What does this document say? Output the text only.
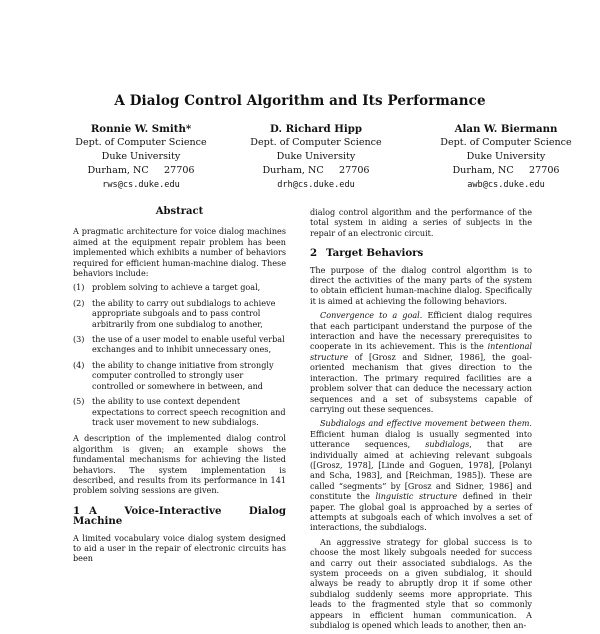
A Dialog Control Algorithm and Its Performance
Ronnie W. Smith*
Dept. of Computer Science
Duke University
Durham, NC     27706
rws@cs.duke.edu
D. Richard Hipp
Dept. of Computer Science
Duke University
Durham, NC     27706
drh@cs.duke.edu
Alan W. Biermann
Dept. of Computer Science
Duke University
Durham, NC     27706
awb@cs.duke.edu
Abstract

A pragmatic architecture for voice dialog machines aimed at the equipment repair problem has been implemented which exhibits a number of behaviors required for efficient human-machine dialog. These behaviors include:

(1) problem solving to achieve a target goal,
(2) the ability to carry out subdialogs to achieve appropriate subgoals and to pass control arbitrarily from one subdialog to another,
(3) the use of a user model to enable useful verbal exchanges and to inhibit unnecessary ones,
(4) the ability to change initiative from strongly computer controlled to strongly user controlled or somewhere in between, and
(5) the ability to use context dependent expectations to correct speech recognition and track user movement to new subdialogs.

A description of the implemented dialog control algorithm is given; an example shows the fundamental mechanisms for achieving the listed behaviors. The system implementation is described, and results from its performance in 141 problem solving sessions are given.

1 A Voice-Interactive Dialog Machine

A limited vocabulary voice dialog system designed to aid a user in the repair of electronic circuits has been

dialog control algorithm and the performance of the total system in aiding a series of subjects in the repair of an electronic circuit.

2 Target Behaviors

The purpose of the dialog control algorithm is to direct the activities of the many parts of the system to obtain efficient human-machine dialog. Specifically it is aimed at achieving the following behaviors.

Convergence to a goal. Efficient dialog requires that each participant understand the purpose of the interaction and have the necessary prerequisites to cooperate in its achievement. This is the intentional structure of [Grosz and Sidner, 1986], the goal-oriented mechanism that gives direction to the interaction. The primary required facilities are a problem solver that can deduce the necessary action sequences and a set of subsystems capable of carrying out these sequences.

Subdialogs and effective movement between them. Efficient human dialog is usually segmented into utterance sequences, subdialogs, that are individually aimed at achieving relevant subgoals ([Grosz, 1978], [Linde and Goguen, 1978], [Polanyi and Scha, 1983], and [Reichman, 1985]). These are called “segments” by [Grosz and Sidner, 1986] and constitute the linguistic structure defined in their paper. The global goal is approached by a series of attempts at subgoals each of which involves a set of interactions, the subdialogs.

An aggressive strategy for global success is to choose the most likely subgoals needed for success and carry out their associated subdialogs. As the system proceeds on a given subdialog, it should always be ready to abruptly drop it if some other subdialog suddenly seems more appropriate. This leads to the fragmented style that so commonly appears in efficient human communication. A subdialog is opened which leads to another, then an-
